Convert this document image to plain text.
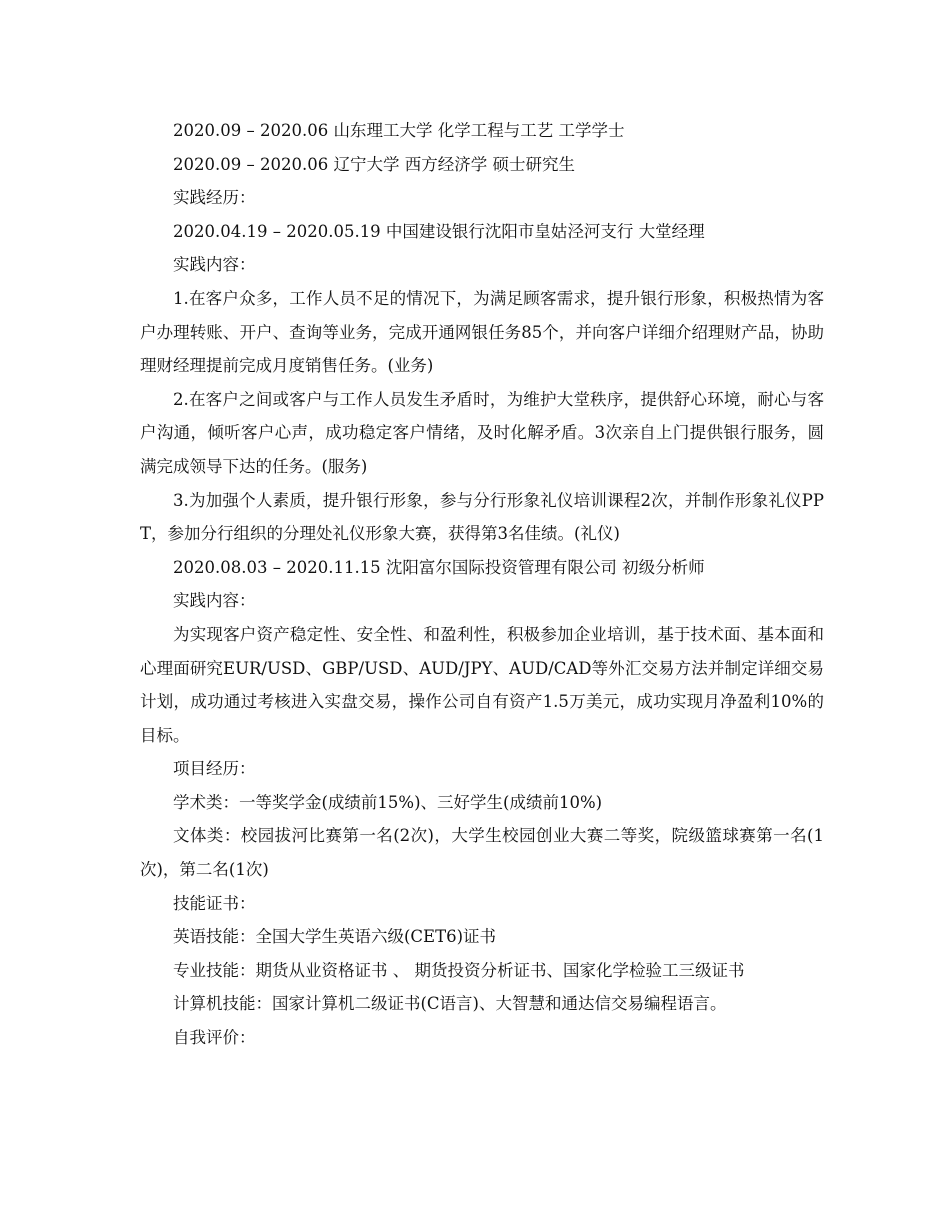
2020.09 – 2020.06 山东理工大学 化学工程与工艺 工学学士

2020.09 – 2020.06 辽宁大学 西方经济学 硕士研究生

实践经历：

2020.04.19 – 2020.05.19 中国建设银行沈阳市皇姑泾河支行 大堂经理

实践内容：

1.在客户众多，工作人员不足的情况下，为满足顾客需求，提升银行形象，积极热情为客户办理转账、开户、查询等业务，完成开通网银任务85个，并向客户详细介绍理财产品，协助理财经理提前完成月度销售任务。(业务)

2.在客户之间或客户与工作人员发生矛盾时，为维护大堂秩序，提供舒心环境，耐心与客户沟通，倾听客户心声，成功稳定客户情绪，及时化解矛盾。3次亲自上门提供银行服务，圆满完成领导下达的任务。(服务)

3.为加强个人素质，提升银行形象，参与分行形象礼仪培训课程2次，并制作形象礼仪PPT，参加分行组织的分理处礼仪形象大赛，获得第3名佳绩。(礼仪)

2020.08.03 – 2020.11.15 沈阳富尔国际投资管理有限公司 初级分析师

实践内容：

为实现客户资产稳定性、安全性、和盈利性，积极参加企业培训，基于技术面、基本面和心理面研究EUR/USD、GBP/USD、AUD/JPY、AUD/CAD等外汇交易方法并制定详细交易计划，成功通过考核进入实盘交易，操作公司自有资产1.5万美元，成功实现月净盈利10%的目标。

项目经历：

学术类：一等奖学金(成绩前15%)、三好学生(成绩前10%)

文体类：校园拔河比赛第一名(2次)，大学生校园创业大赛二等奖，院级篮球赛第一名(1次)，第二名(1次)

技能证书：

英语技能：全国大学生英语六级(CET6)证书

专业技能：期货从业资格证书 、 期货投资分析证书、国家化学检验工三级证书

计算机技能：国家计算机二级证书(C语言)、大智慧和通达信交易编程语言。

自我评价：
